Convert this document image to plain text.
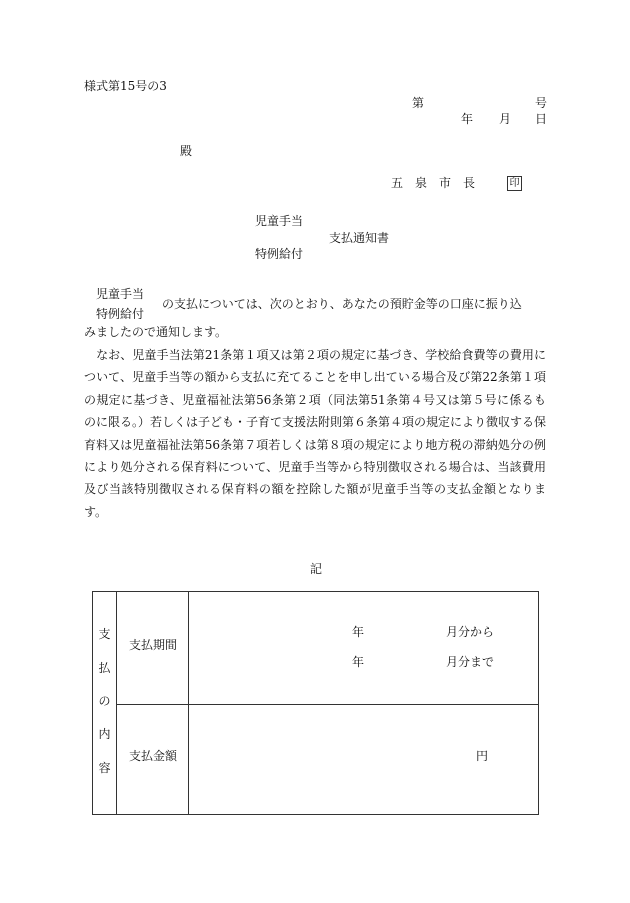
様式第15号の3
第	号
年 月 日
殿
五　泉　市　長	印
児童手当
支払通知書
特例給付
児童手当
特例給付
の支払については、次のとおり、あなたの預貯金等の口座に振り込
みましたので通知します。
なお、児童手当法第21条第１項又は第２項の規定に基づき、学校給食費等の費用について、児童手当等の額から支払に充てることを申し出ている場合及び第22条第１項の規定に基づき、児童福祉法第56条第２項（同法第51条第４号又は第５号に係るものに限る。）若しくは子ども・子育て支援法附則第６条第４項の規定により徴収する保育料又は児童福祉法第56条第７項若しくは第８項の規定により地方税の滞納処分の例により処分される保育料について、児童手当等から特別徴収される場合は、当該費用及び当該特別徴収される保育料の額を控除した額が児童手当等の支払金額となります。
記
支
払
の
内
容
支払期間
年	月分から
年	月分まで
支払金額	円
